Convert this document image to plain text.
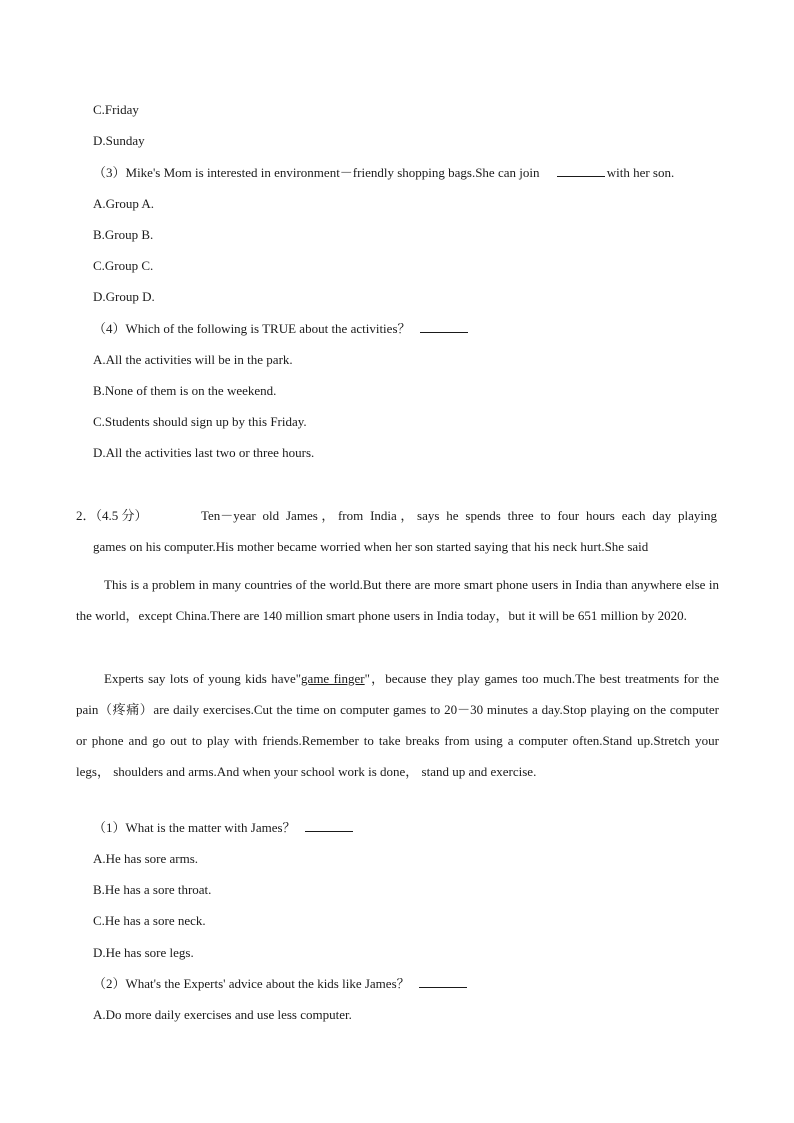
C.Friday
D.Sunday
（3）Mike's Mom is interested in environment－friendly shopping bags.She can join	with her son.
A.Group A.
B.Group B.
C.Group C.
D.Group D.
（4）Which of the following is TRUE about the activities？
A.All the activities will be in the park.
B.None of them is on the weekend.
C.Students should sign up by this Friday.
D.All the activities last two or three hours.
2．（4.5 分）	Ten－year old James，from India，says he spends three to four hours each day playing
games on his computer.His mother became worried when her son started saying that his neck hurt.She said
This is a problem in many countries of the world.But there are more smart phone users in India than anywhere else in the world，except China.There are 140 million smart phone users in India today，but it will be 651 million by 2020.
Experts say lots of young kids have"game finger"，because they play games too much.The best treatments for the pain（疼痛）are daily exercises.Cut the time on computer games to 20－30 minutes a day.Stop playing on the computer or phone and go out to play with friends.Remember to take breaks from using a computer often.Stand up.Stretch your legs， shoulders and arms.And when your school work is done， stand up and exercise.
（1）What is the matter with James？
A.He has sore arms.
B.He has a sore throat.
C.He has a sore neck.
D.He has sore legs.
（2）What's the Experts' advice about the kids like James？
A.Do more daily exercises and use less computer.
